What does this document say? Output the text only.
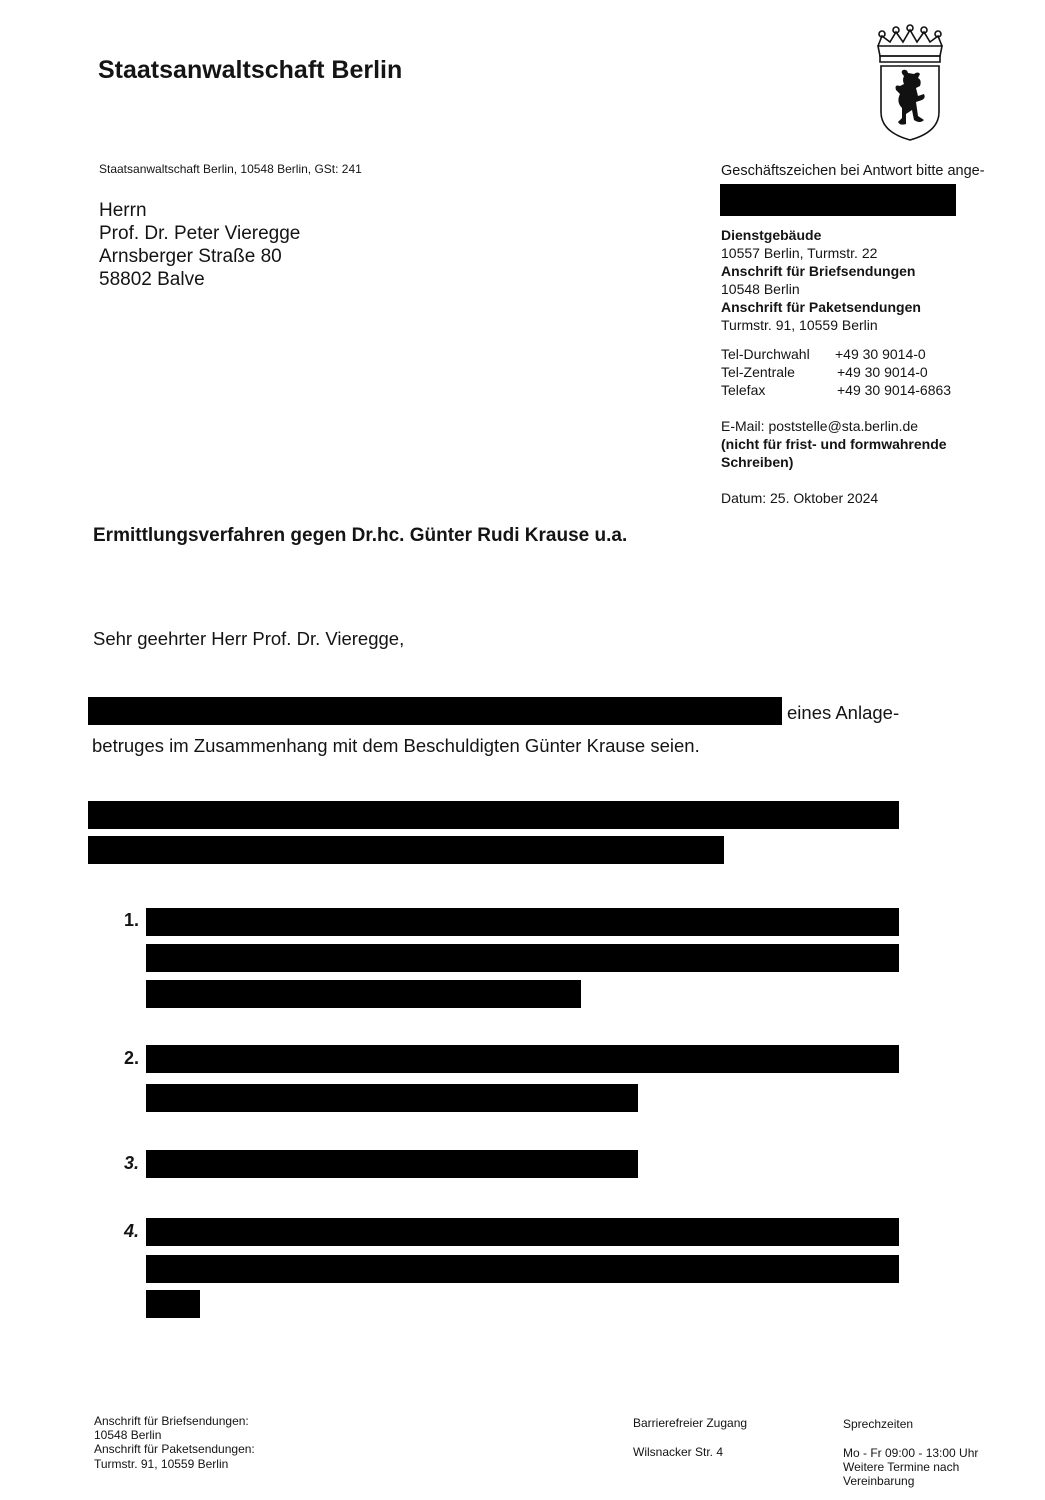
Staatsanwaltschaft Berlin
Staatsanwaltschaft Berlin, 10548 Berlin, GSt: 241
Herrn
Prof. Dr. Peter Vieregge
Arnsberger Straße 80
58802 Balve
Geschäftszeichen bei Antwort bitte ange-
Dienstgebäude
10557 Berlin, Turmstr. 22
Anschrift für Briefsendungen
10548 Berlin
Anschrift für Paketsendungen
Turmstr. 91, 10559 Berlin
Tel-Durchwahl +49 30 9014-0
Tel-Zentrale	+49 30 9014-0
Telefax	+49 30 9014-6863
E-Mail: poststelle@sta.berlin.de
(nicht für frist- und formwahrende
Schreiben)
Datum: 25. Oktober 2024
Ermittlungsverfahren gegen Dr.hc. Günter Rudi Krause u.a.
Sehr geehrter Herr Prof. Dr. Vieregge,
eines Anlage-
betruges im Zusammenhang mit dem Beschuldigten Günter Krause seien.
1.
2.
3.
4.
Anschrift für Briefsendungen:
10548 Berlin
Anschrift für Paketsendungen:
Turmstr. 91, 10559 Berlin
Barrierefreier Zugang
Wilsnacker Str. 4
Sprechzeiten
Mo - Fr 09:00 - 13:00 Uhr
Weitere Termine nach
Vereinbarung
